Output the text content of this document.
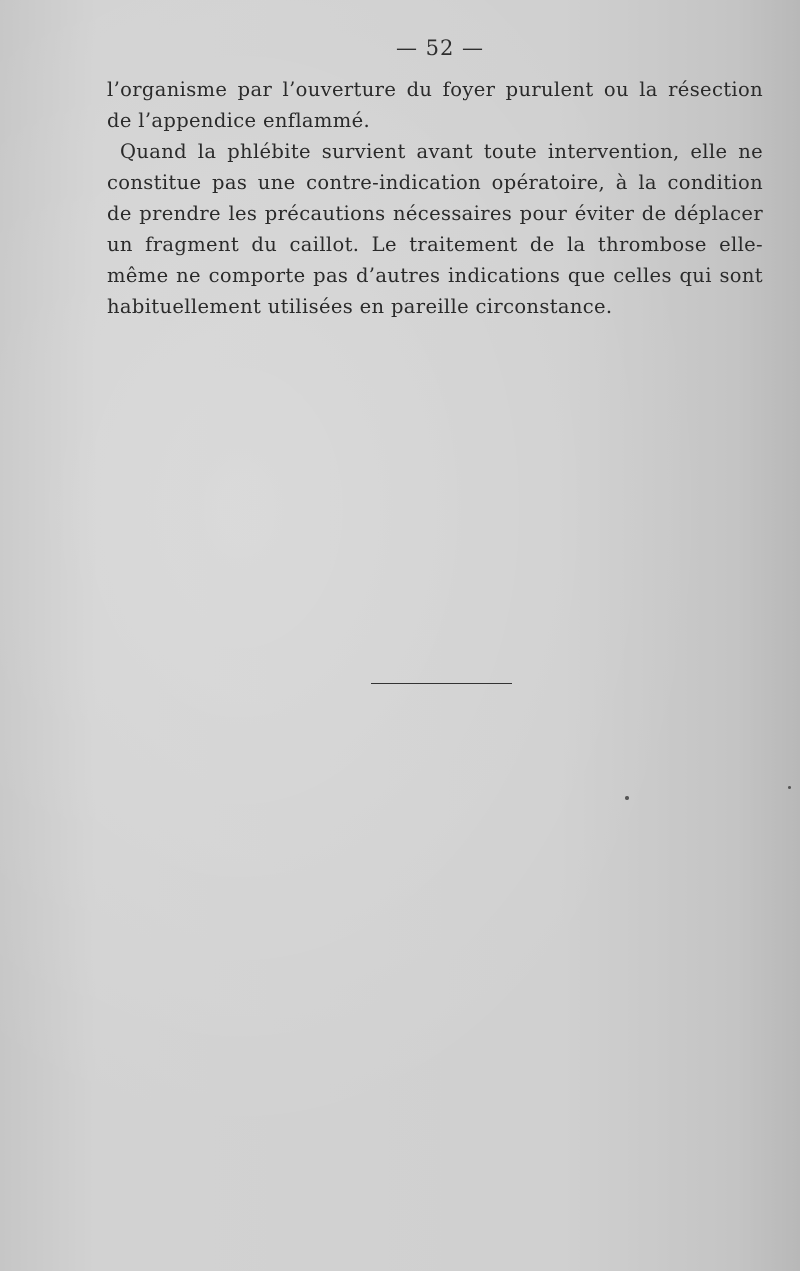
— 52 —

l’organisme par l’ouverture du foyer purulent ou la résection de l’appendice enflammé.

Quand la phlébite survient avant toute intervention, elle ne constitue pas une contre-indication opératoire, à la condition de prendre les précautions nécessaires pour éviter de déplacer un fragment du caillot. Le traitement de la thrombose elle-même ne comporte pas d’autres indications que celles qui sont habituellement utilisées en pareille circonstance.
